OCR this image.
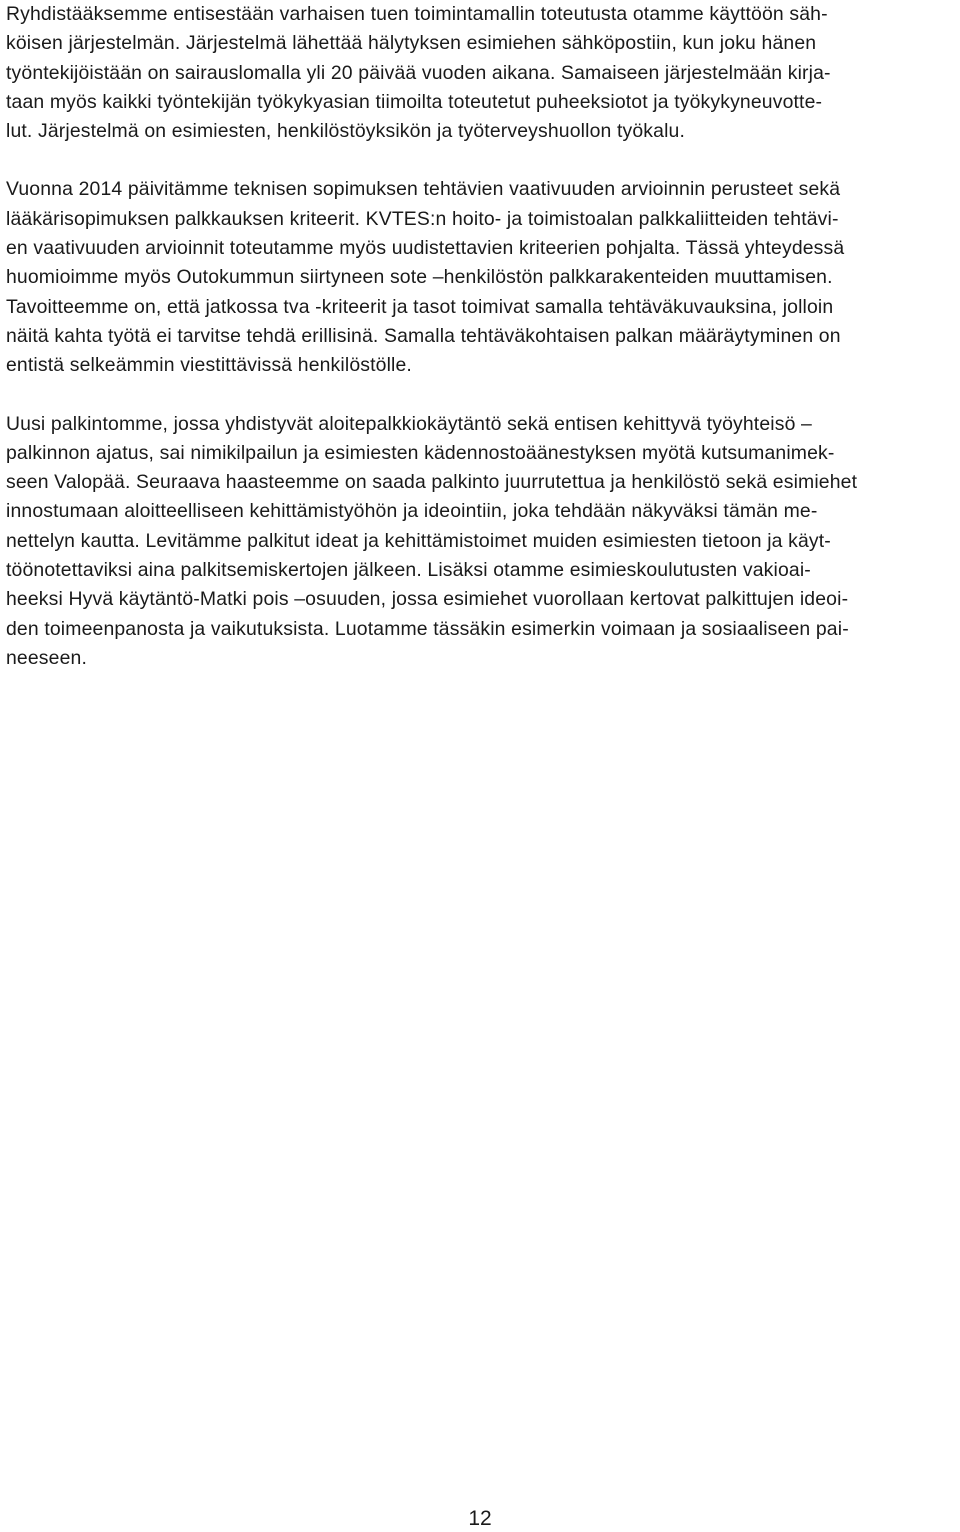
Ryhdistääksemme entisestään varhaisen tuen toimintamallin toteutusta otamme käyttöön säh-
köisen järjestelmän. Järjestelmä lähettää hälytyksen esimiehen sähköpostiin, kun joku hänen
työntekijöistään on sairauslomalla yli 20 päivää vuoden aikana. Samaiseen järjestelmään kirja-
taan myös kaikki työntekijän työkykyasian tiimoilta toteutetut puheeksiotot ja työkykyneuvotte-
lut. Järjestelmä on esimiesten, henkilöstöyksikön ja työterveyshuollon työkalu.

Vuonna 2014 päivitämme teknisen sopimuksen tehtävien vaativuuden arvioinnin perusteet sekä
lääkärisopimuksen palkkauksen kriteerit. KVTES:n hoito- ja toimistoalan palkkaliitteiden tehtävi-
en vaativuuden arvioinnit toteutamme myös uudistettavien kriteerien pohjalta. Tässä yhteydessä
huomioimme myös Outokummun siirtyneen sote –henkilöstön palkkarakenteiden muuttamisen.
Tavoitteemme on, että jatkossa tva -kriteerit ja tasot toimivat samalla tehtäväkuvauksina, jolloin
näitä kahta työtä ei tarvitse tehdä erillisinä. Samalla tehtäväkohtaisen palkan määräytyminen on
entistä selkeämmin viestittävissä henkilöstölle.

Uusi palkintomme, jossa yhdistyvät aloitepalkkiokäytäntö sekä entisen kehittyvä työyhteisö –
palkinnon ajatus, sai nimikilpailun ja esimiesten kädennostoäänestyksen myötä kutsumanimek-
seen Valopää. Seuraava haasteemme on saada palkinto juurrutettua ja henkilöstö sekä esimiehet
innostumaan aloitteelliseen kehittämistyöhön ja ideointiin, joka tehdään näkyväksi tämän me-
nettelyn kautta. Levitämme palkitut ideat ja kehittämistoimet muiden esimiesten tietoon ja käyt-
töönotettaviksi aina palkitsemiskertojen jälkeen. Lisäksi otamme esimieskoulutusten vakioai-
heeksi Hyvä käytäntö-Matki pois –osuuden, jossa esimiehet vuorollaan kertovat palkittujen ideoi-
den toimeenpanosta ja vaikutuksista. Luotamme tässäkin esimerkin voimaan ja sosiaaliseen pai-
neeseen.

12
